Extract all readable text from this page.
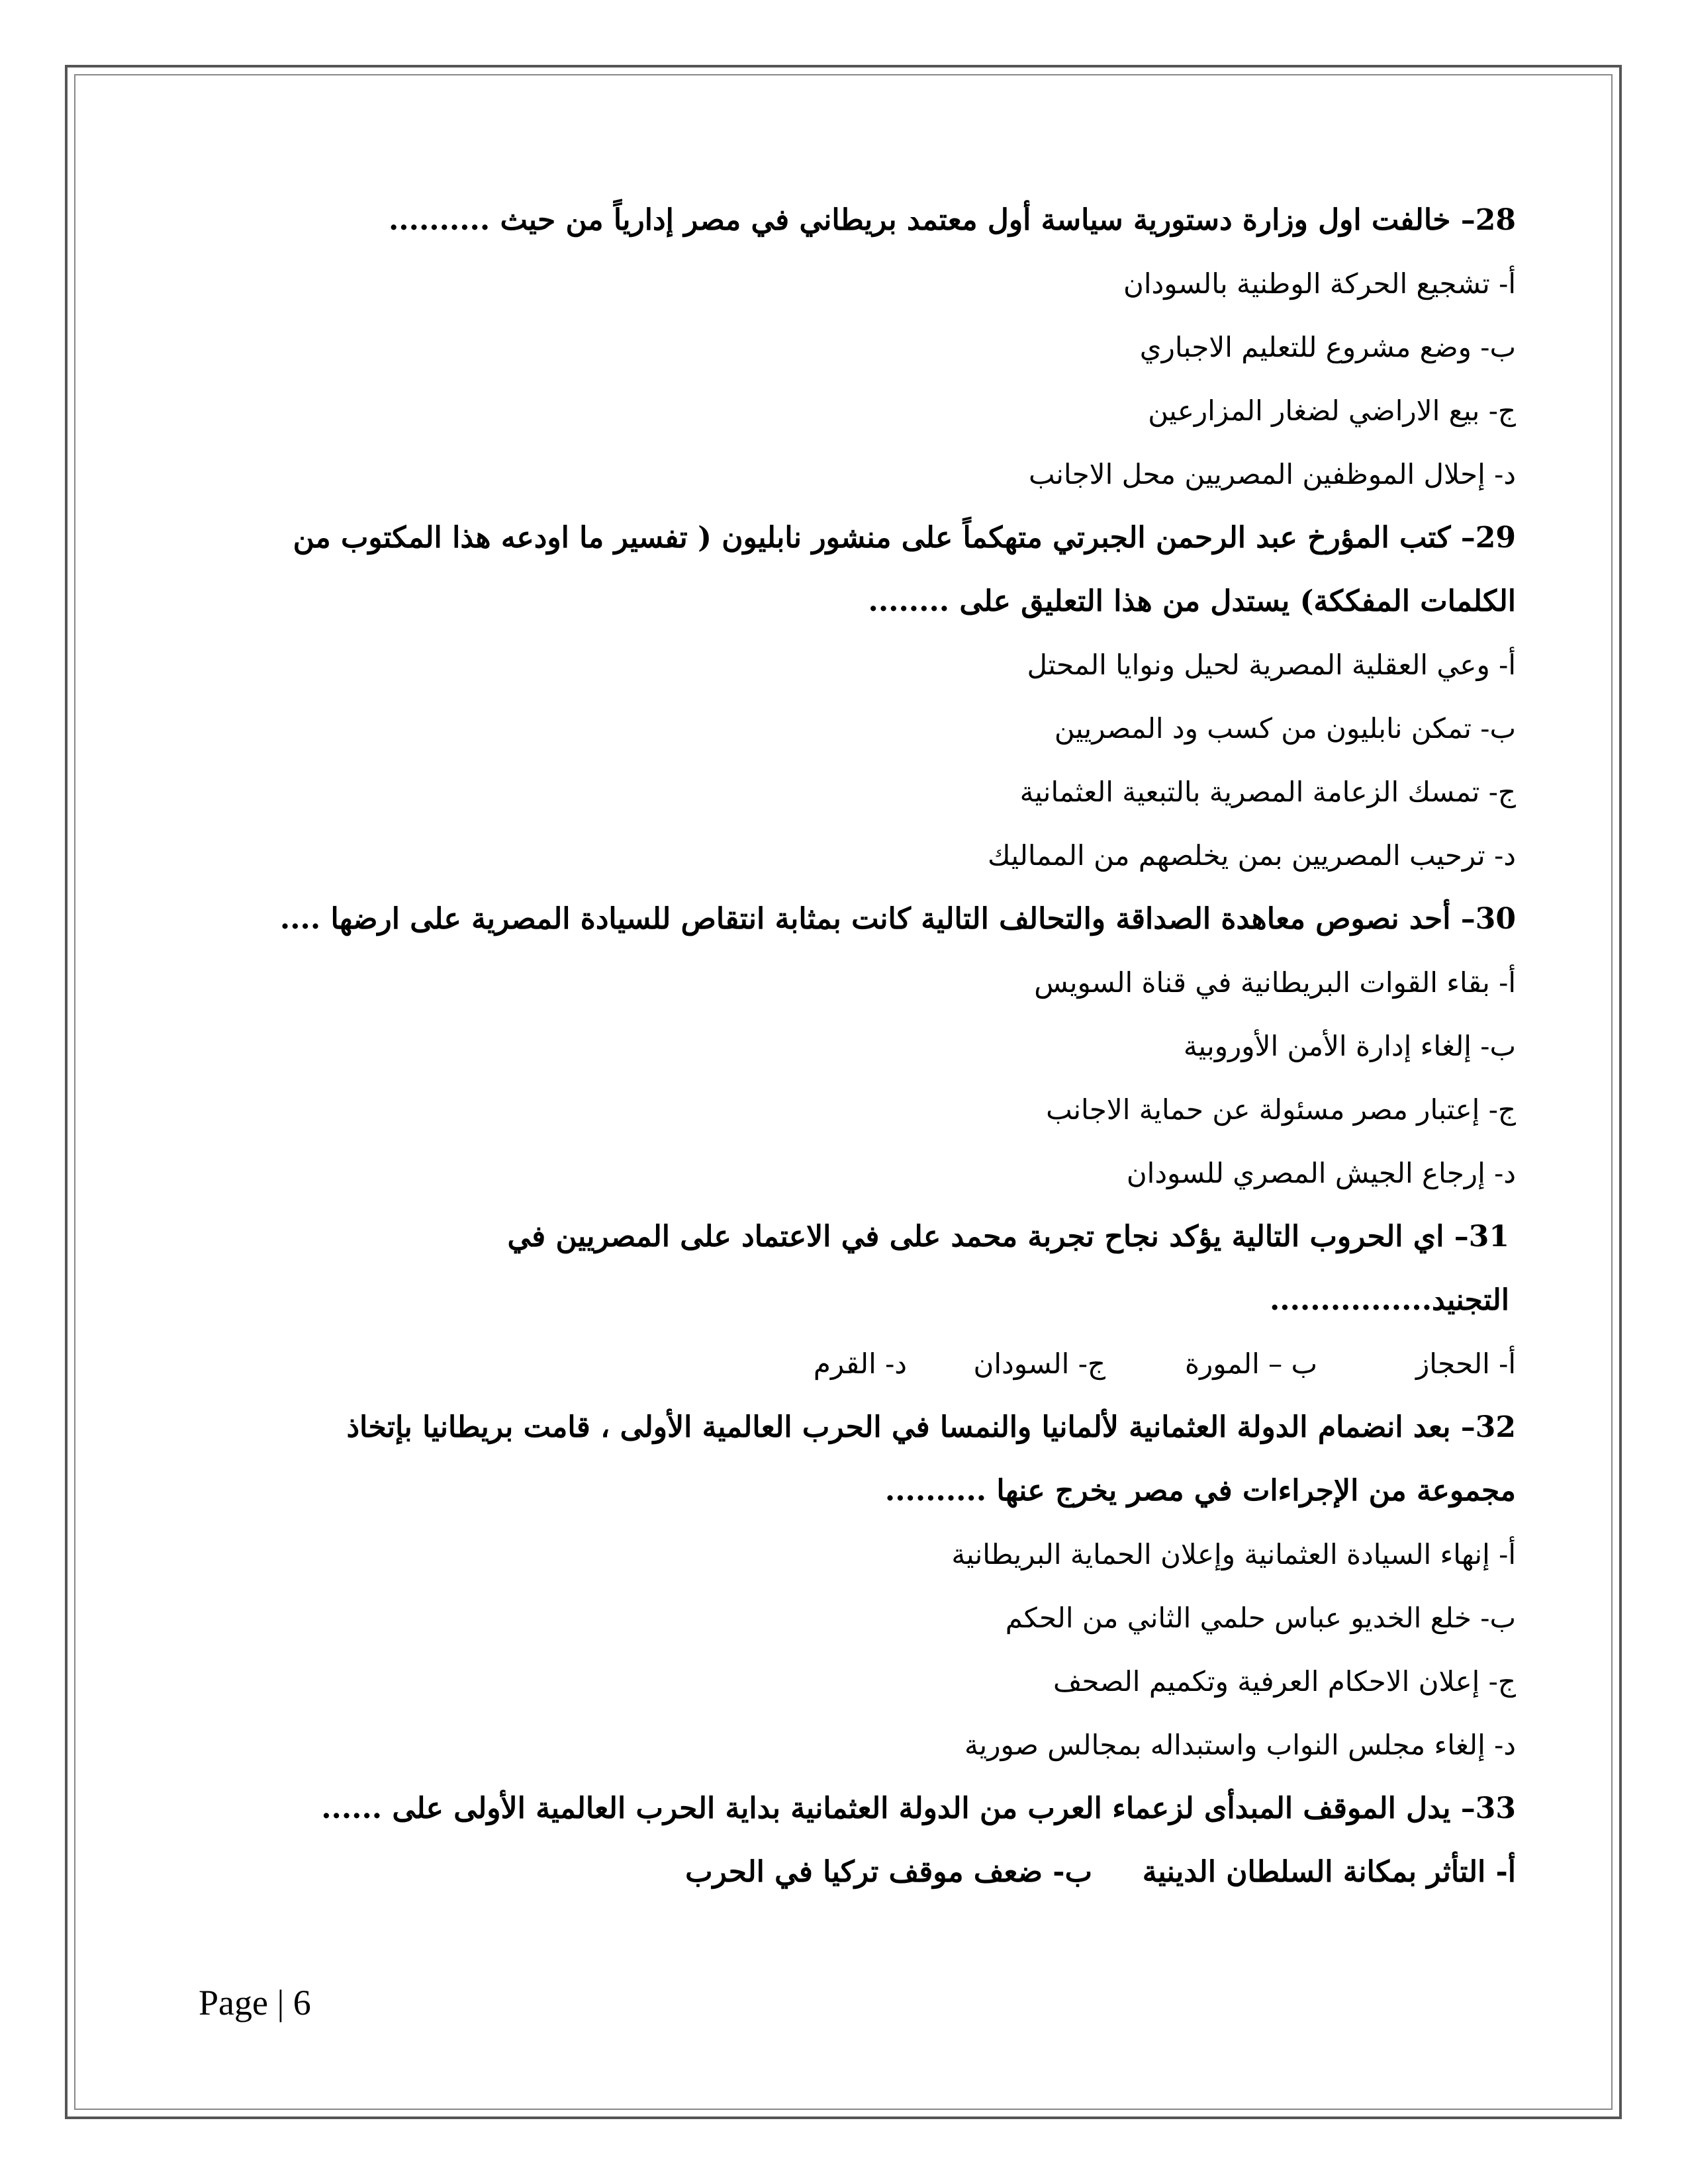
28– خالفت اول وزارة دستورية سياسة أول معتمد بريطاني في مصر إدارياً من حيث ..........

أ- تشجيع الحركة الوطنية بالسودان

ب- وضع مشروع للتعليم الاجباري

ج- بيع الاراضي لضغار المزارعين

د- إحلال الموظفين المصريين محل الاجانب

29– كتب المؤرخ عبد الرحمن الجبرتي متهكماً على منشور نابليون ( تفسير ما اودعه هذا المكتوب من الكلمات المفككة) يستدل من هذا التعليق على ........

أ- وعي العقلية المصرية لحيل ونوايا المحتل

ب- تمكن نابليون من كسب ود المصريين

ج- تمسك الزعامة المصرية بالتبعية العثمانية

د- ترحيب المصريين بمن يخلصهم من المماليك

30– أحد نصوص معاهدة الصداقة والتحالف التالية كانت بمثابة انتقاص للسيادة المصرية على ارضها ....

أ- بقاء القوات البريطانية في قناة السويس

ب- إلغاء إدارة الأمن الأوروبية

ج- إعتبار مصر مسئولة عن حماية الاجانب

د- إرجاع الجيش المصري للسودان

31– اي الحروب التالية يؤكد نجاح تجربة محمد على في الاعتماد على المصريين في التجنيد................

أ- الحجاز
ب – المورة
ج- السودان
د- القرم

32– بعد انضمام الدولة العثمانية لألمانيا والنمسا في الحرب العالمية الأولى ، قامت بريطانيا بإتخاذ مجموعة من الإجراءات في مصر يخرج عنها ..........

أ- إنهاء السيادة العثمانية وإعلان الحماية البريطانية

ب- خلع الخديو عباس حلمي الثاني من الحكم

ج- إعلان الاحكام العرفية وتكميم الصحف

د- إلغاء مجلس النواب واستبداله بمجالس صورية

33– يدل الموقف المبدأى لزعماء العرب من الدولة العثمانية بداية الحرب العالمية الأولى على ......

أ- التأثر بمكانة السلطان الدينية
ب- ضعف موقف تركيا في الحرب
Page | 6
